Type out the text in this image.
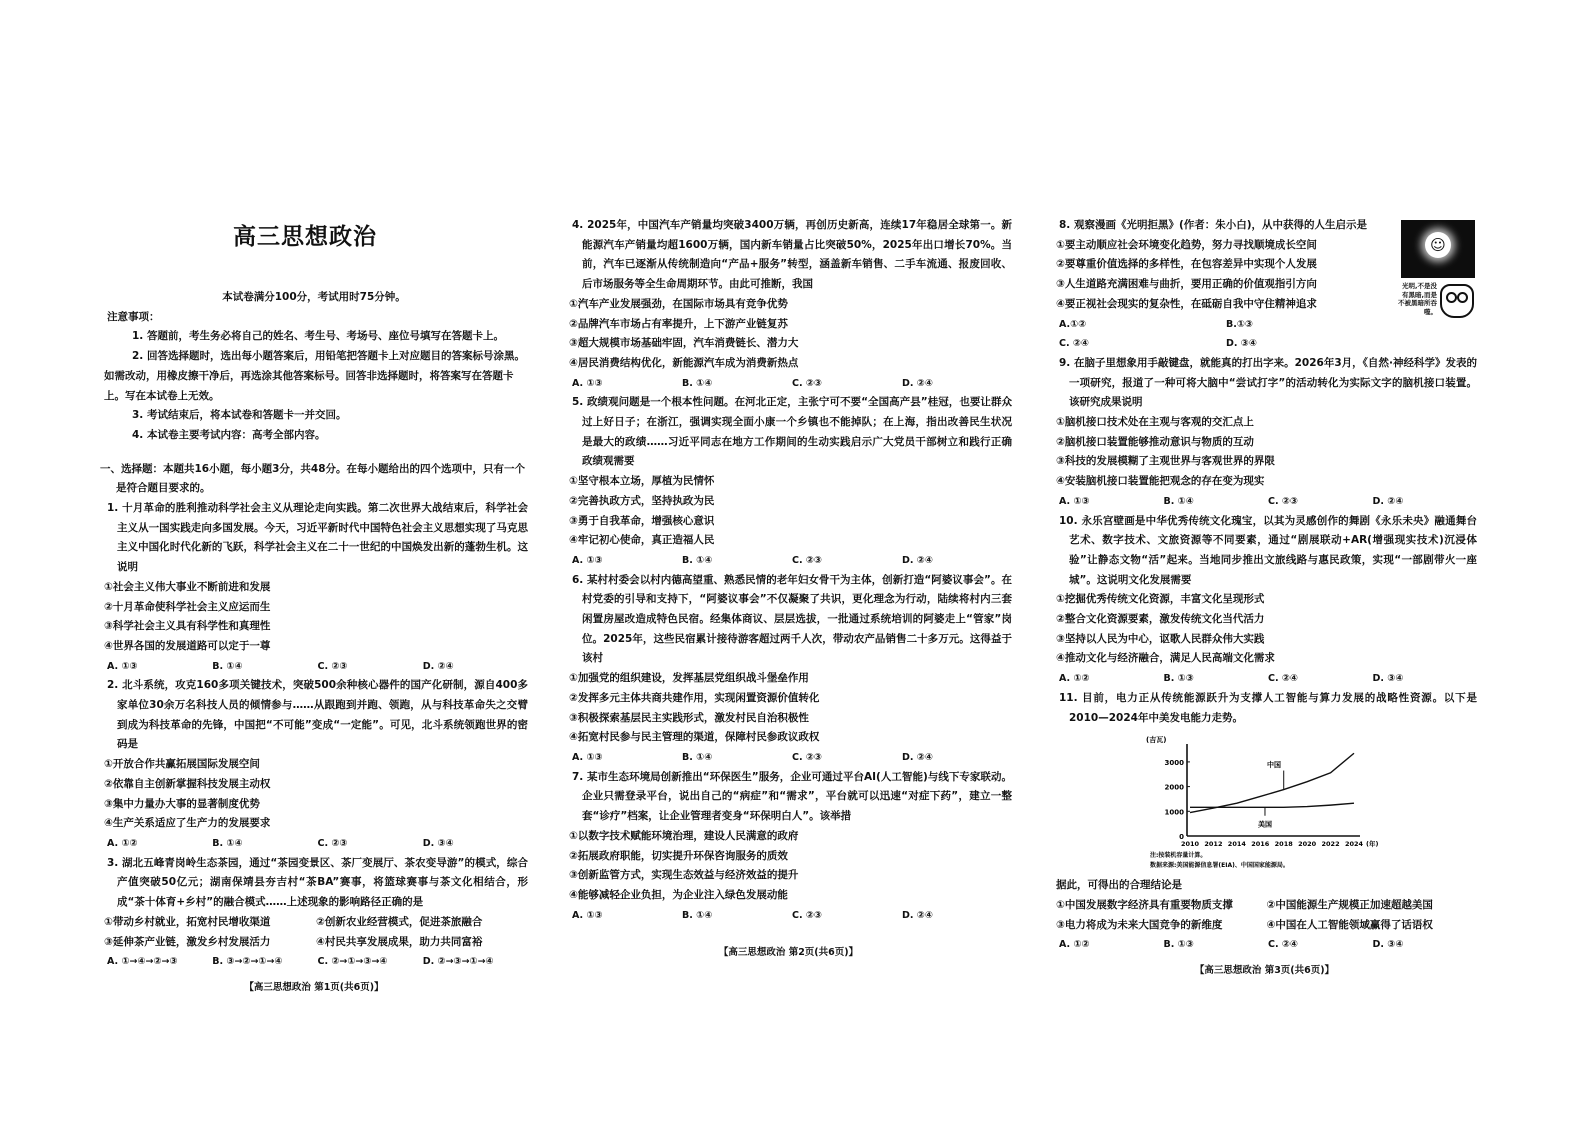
高三思想政治
本试卷满分100分，考试用时75分钟。
注意事项：
1. 答题前，考生务必将自己的姓名、考生号、考场号、座位号填写在答题卡上。
2. 回答选择题时，选出每小题答案后，用铅笔把答题卡上对应题目的答案标号涂黑。如需改动，用橡皮擦干净后，再选涂其他答案标号。回答非选择题时，将答案写在答题卡上。写在本试卷上无效。
3. 考试结束后，将本试卷和答题卡一并交回。
4. 本试卷主要考试内容：高考全部内容。
一、选择题：本题共16小题，每小题3分，共48分。在每小题给出的四个选项中，只有一个是符合题目要求的。
1. 十月革命的胜利推动科学社会主义从理论走向实践。第二次世界大战结束后，科学社会主义从一国实践走向多国发展。今天，习近平新时代中国特色社会主义思想实现了马克思主义中国化时代化新的飞跃，科学社会主义在二十一世纪的中国焕发出新的蓬勃生机。这说明
①社会主义伟大事业不断前进和发展
②十月革命使科学社会主义应运而生
③科学社会主义具有科学性和真理性
④世界各国的发展道路可以定于一尊
A. ①③	B. ①④	C. ②③	D. ②④
2. 北斗系统，攻克160多项关键技术，突破500余种核心器件的国产化研制，源自400多家单位30余万名科技人员的倾情参与……从跟跑到并跑、领跑，从与科技革命失之交臂到成为科技革命的先锋，中国把“不可能”变成“一定能”。可见，北斗系统领跑世界的密码是
①开放合作共赢拓展国际发展空间
②依靠自主创新掌握科技发展主动权
③集中力量办大事的显著制度优势
④生产关系适应了生产力的发展要求
A. ①②	B. ①④	C. ②③	D. ③④
3. 湖北五峰青岗岭生态茶园，通过“茶园变景区、茶厂变展厅、茶农变导游”的模式，综合产值突破50亿元；湖南保靖县夯吉村“茶BA”赛事，将篮球赛事与茶文化相结合，形成“茶十体育+乡村”的融合模式……上述现象的影响路径正确的是
①带动乡村就业，拓宽村民增收渠道	②创新农业经营模式，促进茶旅融合
③延伸茶产业链，激发乡村发展活力	④村民共享发展成果，助力共同富裕
A. ①→④→②→③	B. ③→②→①→④	C. ②→①→③→④	D. ②→③→①→④
【高三思想政治 第1页(共6页)】
4. 2025年，中国汽车产销量均突破3400万辆，再创历史新高，连续17年稳居全球第一。新能源汽车产销量均超1600万辆，国内新车销量占比突破50%，2025年出口增长70%。当前，汽车已逐渐从传统制造向“产品+服务”转型，涵盖新车销售、二手车流通、报废回收、后市场服务等全生命周期环节。由此可推断，我国
①汽车产业发展强劲，在国际市场具有竞争优势
②品牌汽车市场占有率提升，上下游产业链复苏
③超大规模市场基础牢固，汽车消费链长、潜力大
④居民消费结构优化，新能源汽车成为消费新热点
A. ①③	B. ①④	C. ②③	D. ②④
5. 政绩观问题是一个根本性问题。在河北正定，主张宁可不要“全国高产县”桂冠，也要让群众过上好日子；在浙江，强调实现全面小康一个乡镇也不能掉队；在上海，指出改善民生状况是最大的政绩……习近平同志在地方工作期间的生动实践启示广大党员干部树立和践行正确政绩观需要
①坚守根本立场，厚植为民情怀
②完善执政方式，坚持执政为民
③勇于自我革命，增强核心意识
④牢记初心使命，真正造福人民
A. ①③	B. ①④	C. ②③	D. ②④
6. 某村村委会以村内德高望重、熟悉民情的老年妇女骨干为主体，创新打造“阿婆议事会”。在村党委的引导和支持下，“阿婆议事会”不仅凝聚了共识，更化理念为行动，陆续将村内三套闲置房屋改造成特色民宿。经集体商议、层层选拔，一批通过系统培训的阿婆走上“管家”岗位。2025年，这些民宿累计接待游客超过两千人次，带动农产品销售二十多万元。这得益于该村
①加强党的组织建设，发挥基层党组织战斗堡垒作用
②发挥多元主体共商共建作用，实现闲置资源价值转化
③积极探索基层民主实践形式，激发村民自治积极性
④拓宽村民参与民主管理的渠道，保障村民参政议政权
A. ①③	B. ①④	C. ②③	D. ②④
7. 某市生态环境局创新推出“环保医生”服务，企业可通过平台AI(人工智能)与线下专家联动。企业只需登录平台，说出自己的“病症”和“需求”，平台就可以迅速“对症下药”，建立一整套“诊疗”档案，让企业管理者变身“环保明白人”。该举措
①以数字技术赋能环境治理，建设人民满意的政府
②拓展政府职能，切实提升环保咨询服务的质效
③创新监管方式，实现生态效益与经济效益的提升
④能够减轻企业负担，为企业注入绿色发展动能
A. ①③	B. ①④	C. ②③	D. ②④
【高三思想政治 第2页(共6页)】
8. 观察漫画《光明拒黑》(作者：朱小白)，从中获得的人生启示是
①要主动顺应社会环境变化趋势，努力寻找顺境成长空间
②要尊重价值选择的多样性，在包容差异中实现个人发展
③人生道路充满困难与曲折，要用正确的价值观指引方向
④要正视社会现实的复杂性，在砥砺自我中守住精神追求
A.①②	B.①③
C. ②④	D. ③④
☺
光明,不是没有黑暗,而是不被黑暗所吞噬。
9. 在脑子里想象用手敲键盘，就能真的打出字来。2026年3月，《自然·神经科学》发表的一项研究，报道了一种可将大脑中“尝试打字”的活动转化为实际文字的脑机接口装置。该研究成果说明
①脑机接口技术处在主观与客观的交汇点上
②脑机接口装置能够推动意识与物质的互动
③科技的发展模糊了主观世界与客观世界的界限
④安装脑机接口装置能把观念的存在变为现实
A. ①③	B. ①④	C. ②③	D. ②④
10. 永乐宫壁画是中华优秀传统文化瑰宝，以其为灵感创作的舞剧《永乐未央》融通舞台艺术、数字技术、文旅资源等不同要素，通过“剧展联动+AR(增强现实技术)沉浸体验”让静态文物“活”起来。当地同步推出文旅线路与惠民政策，实现“一部剧带火一座城”。这说明文化发展需要
①挖掘优秀传统文化资源，丰富文化呈现形式
②整合文化资源要素，激发传统文化当代活力
③坚持以人民为中心，讴歌人民群众伟大实践
④推动文化与经济融合，满足人民高端文化需求
A. ①②	B. ①③	C. ②④	D. ③④
11. 目前，电力正从传统能源跃升为支撑人工智能与算力发展的战略性资源。以下是2010—2024年中美发电能力走势。
(吉瓦)
0
1000
2000
3000
2010 2012 2014 2016 2018 2020 2022 2024 (年)
中国
美国
注:按装机容量计算。
数据来源:美国能源信息署(EIA)、中国国家能源局。
据此，可得出的合理结论是
①中国发展数字经济具有重要物质支撑	②中国能源生产规模正加速超越美国
③电力将成为未来大国竞争的新维度	④中国在人工智能领域赢得了话语权
A. ①②	B. ①③	C. ②④	D. ③④
【高三思想政治 第3页(共6页)】
